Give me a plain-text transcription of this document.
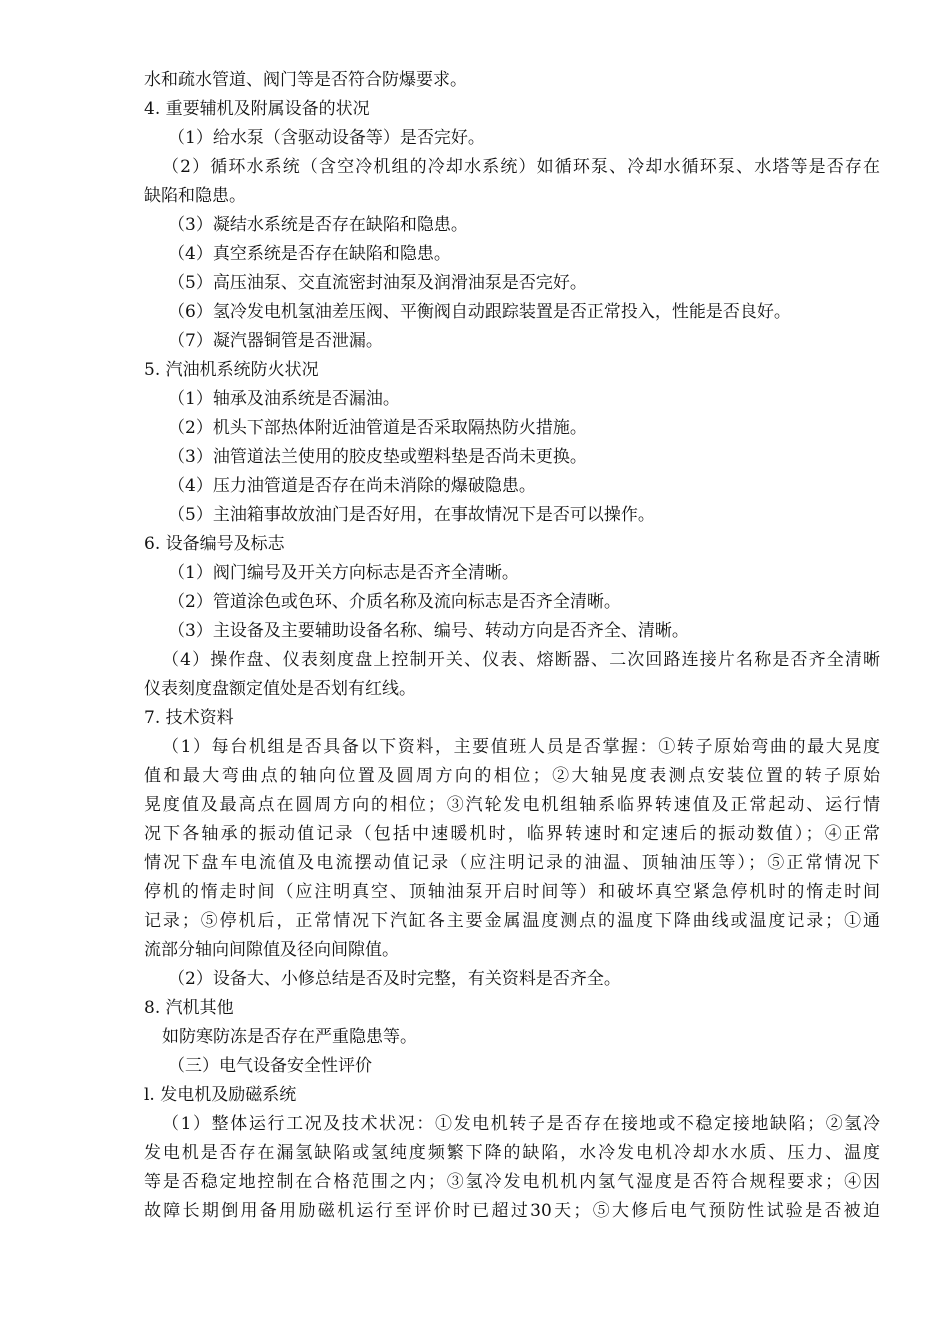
水和疏水管道、阀门等是否符合防爆要求。
4. 重要辅机及附属设备的状况
（1）给水泵（含驱动设备等）是否完好。
（2）循环水系统（含空冷机组的冷却水系统）如循环泵、冷却水循环泵、水塔等是否存在
缺陷和隐患。
（3）凝结水系统是否存在缺陷和隐患。
（4）真空系统是否存在缺陷和隐患。
（5）高压油泵、交直流密封油泵及润滑油泵是否完好。
（6）氢冷发电机氢油差压阀、平衡阀自动跟踪装置是否正常投入，性能是否良好。
（7）凝汽器铜管是否泄漏。
5. 汽油机系统防火状况
（1）轴承及油系统是否漏油。
（2）机头下部热体附近油管道是否采取隔热防火措施。
（3）油管道法兰使用的胶皮垫或塑料垫是否尚未更换。
（4）压力油管道是否存在尚未消除的爆破隐患。
（5）主油箱事故放油门是否好用，在事故情况下是否可以操作。
6. 设备编号及标志
（1）阀门编号及开关方向标志是否齐全清晰。
（2）管道涂色或色环、介质名称及流向标志是否齐全清晰。
（3）主设备及主要辅助设备名称、编号、转动方向是否齐全、清晰。
（4）操作盘、仪表刻度盘上控制开关、仪表、熔断器、二次回路连接片名称是否齐全清晰
仪表刻度盘额定值处是否划有红线。
7. 技术资料
（1）每台机组是否具备以下资料，主要值班人员是否掌握：①转子原始弯曲的最大晃度
值和最大弯曲点的轴向位置及圆周方向的相位；②大轴晃度表测点安装位置的转子原始
晃度值及最高点在圆周方向的相位；③汽轮发电机组轴系临界转速值及正常起动、运行情
况下各轴承的振动值记录（包括中速暖机时，临界转速时和定速后的振动数值）；④正常
情况下盘车电流值及电流摆动值记录（应注明记录的油温、顶轴油压等）；⑤正常情况下
停机的惰走时间（应注明真空、顶轴油泵开启时间等）和破坏真空紧急停机时的惰走时间
记录；⑤停机后，正常情况下汽缸各主要金属温度测点的温度下降曲线或温度记录；①通
流部分轴向间隙值及径向间隙值。
（2）设备大、小修总结是否及时完整，有关资料是否齐全。
8. 汽机其他
如防寒防冻是否存在严重隐患等。
（三）电气设备安全性评价
l. 发电机及励磁系统
（1）整体运行工况及技术状况：①发电机转子是否存在接地或不稳定接地缺陷；②氢冷
发电机是否存在漏氢缺陷或氢纯度频繁下降的缺陷，水冷发电机冷却水水质、压力、温度
等是否稳定地控制在合格范围之内；③氢冷发电机机内氢气湿度是否符合规程要求；④因
故障长期倒用备用励磁机运行至评价时已超过30天；⑤大修后电气预防性试验是否被迫
